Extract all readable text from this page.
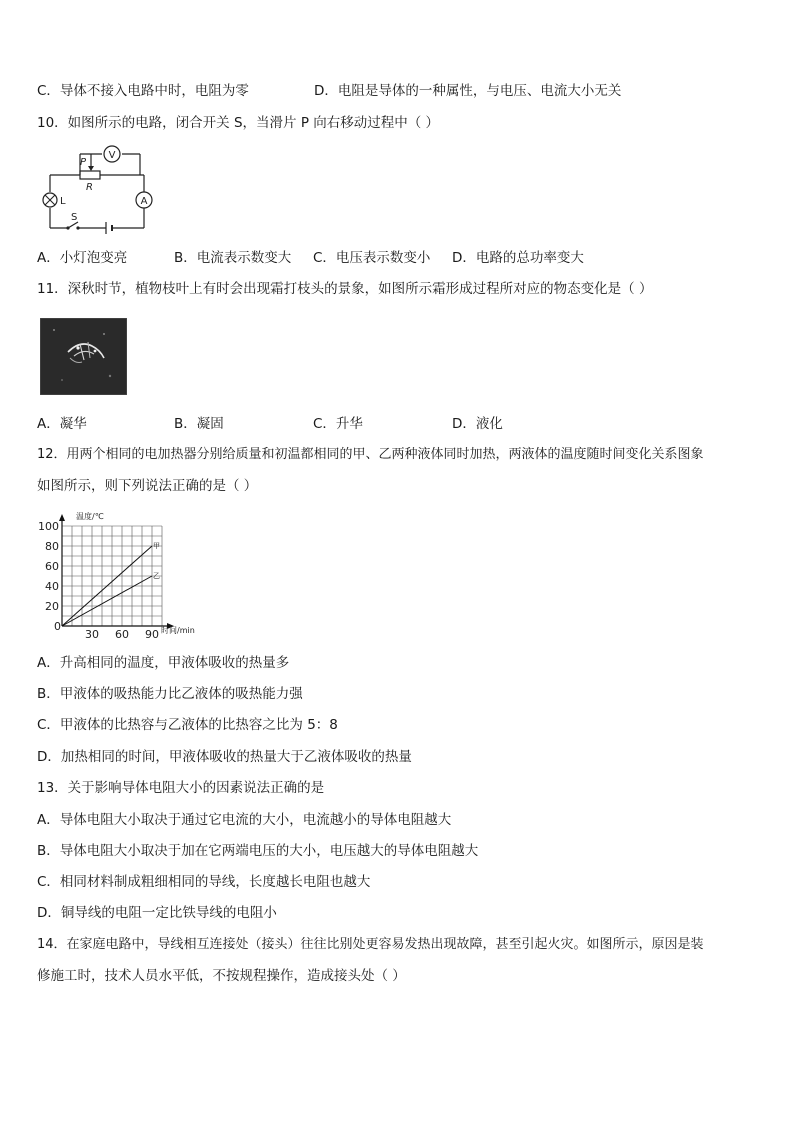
C．导体不接入电路中时，电阻为零	D．电阻是导体的一种属性，与电压、电流大小无关
10．如图所示的电路，闭合开关 S，当滑片 P 向右移动过程中（ ）
V
A
L
P
R
S
A．小灯泡变亮	B．电流表示数变大 C．电压表示数变小 D．电路的总功率变大
11．深秋时节，植物枝叶上有时会出现霜打枝头的景象，如图所示霜形成过程所对应的物态变化是（ ）
A．凝华	B．凝固	C．升华	D．液化
12．用两个相同的电加热器分别给质量和初温都相同的甲、乙两种液体同时加热，两液体的温度随时间变化关系图象
如图所示，则下列说法正确的是（ ）
甲
乙
20
40
60
80
100
30 60 90
温度/℃
时间/min
0
A．升高相同的温度，甲液体吸收的热量多
B．甲液体的吸热能力比乙液体的吸热能力强
C．甲液体的比热容与乙液体的比热容之比为 5：8
D．加热相同的时间，甲液体吸收的热量大于乙液体吸收的热量
13．关于影响导体电阻大小的因素说法正确的是
A．导体电阻大小取决于通过它电流的大小，电流越小的导体电阻越大
B．导体电阻大小取决于加在它两端电压的大小，电压越大的导体电阻越大
C．相同材料制成粗细相同的导线，长度越长电阻也越大
D．铜导线的电阻一定比铁导线的电阻小
14．在家庭电路中，导线相互连接处（接头）往往比别处更容易发热出现故障，甚至引起火灾。如图所示，原因是装
修施工时，技术人员水平低，不按规程操作，造成接头处（ ）
